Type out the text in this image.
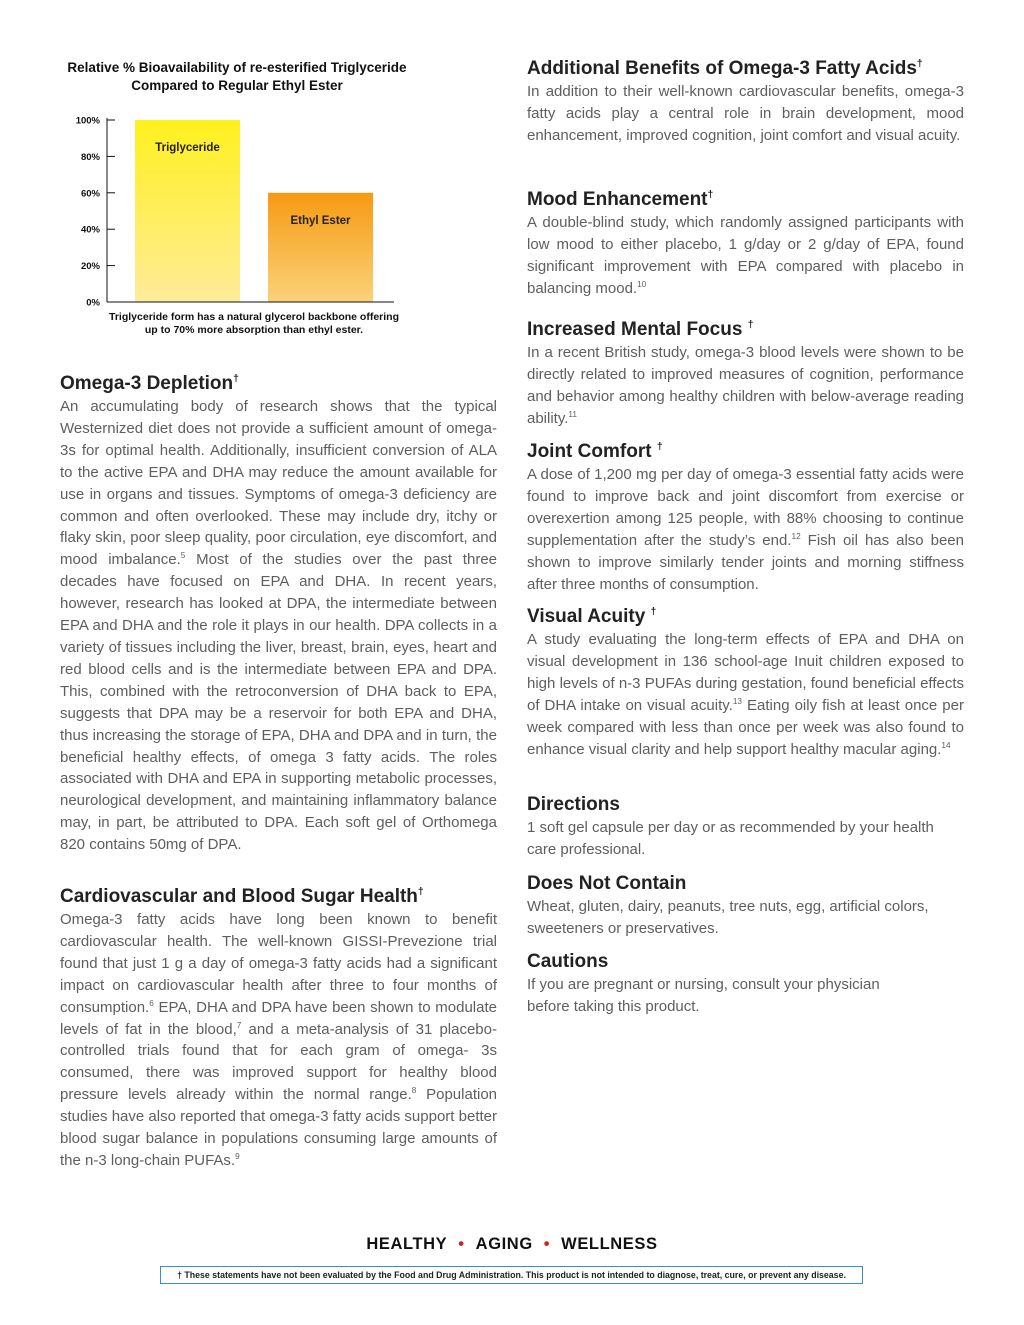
Relative % Bioavailability of re-esterified Triglyceride
Compared to Regular Ethyl Ester
0%
20%
40%
60%
80%
100%
Triglyceride
Ethyl Ester
Triglyceride form has a natural glycerol backbone offering
up to 70% more absorption than ethyl ester.
Omega-3 Depletion†

An accumulating body of research shows that the typical Westernized diet does not provide a sufficient amount of omega-3s for optimal health. Additionally, insufficient conversion of ALA to the active EPA and DHA may reduce the amount available for use in organs and tissues. Symptoms of omega-3 deficiency are common and often overlooked. These may include dry, itchy or flaky skin, poor sleep quality, poor circulation, eye discomfort, and mood imbalance.$^5$ Most of the studies over the past three decades have focused on EPA and DHA. In recent years, however, research has looked at DPA, the intermediate between EPA and DHA and the role it plays in our health. DPA collects in a variety of tissues including the liver, breast, brain, eyes, heart and red blood cells and is the intermediate between EPA and DPA. This, combined with the retroconversion of DHA back to EPA, suggests that DPA may be a reservoir for both EPA and DHA, thus increasing the storage of EPA, DHA and DPA and in turn, the beneficial healthy effects, of omega 3 fatty acids. The roles associated with DHA and EPA in supporting metabolic processes, neurological development, and maintaining inflammatory balance may, in part, be attributed to DPA. Each soft gel of Orthomega 820 contains 50mg of DPA.

Cardiovascular and Blood Sugar Health†

Omega-3 fatty acids have long been known to benefit cardiovascular health. The well-known GISSI-Prevezione trial found that just 1 g a day of omega-3 fatty acids had a significant impact on cardiovascular health after three to four months of consumption.$^6$ EPA, DHA and DPA have been shown to modulate levels of fat in the blood,$^7$ and a meta-analysis of 31 placebo-controlled trials found that for each gram of omega- 3s consumed, there was improved support for healthy blood pressure levels already within the normal range.$^8$ Population studies have also reported that omega-3 fatty acids support better blood sugar balance in populations consuming large amounts of the n-3 long-chain PUFAs.$^9$

Additional Benefits of Omega-3 Fatty Acids†

In addition to their well-known cardiovascular benefits, omega-3 fatty acids play a central role in brain development, mood enhancement, improved cognition, joint comfort and visual acuity.

Mood Enhancement†

A double-blind study, which randomly assigned participants with low mood to either placebo, 1 g/day or 2 g/day of EPA, found significant improvement with EPA compared with placebo in balancing mood.$^{10}$

Increased Mental Focus †

In a recent British study, omega-3 blood levels were shown to be directly related to improved measures of cognition, performance and behavior among healthy children with below-average reading ability.$^{11}$

Joint Comfort †

A dose of 1,200 mg per day of omega-3 essential fatty acids were found to improve back and joint discomfort from exercise or overexertion among 125 people, with 88% choosing to continue supplementation after the study’s end.$^{12}$ Fish oil has also been shown to improve similarly tender joints and morning stiffness after three months of consumption.

Visual Acuity †

A study evaluating the long-term effects of EPA and DHA on visual development in 136 school-age Inuit children exposed to high levels of n-3 PUFAs during gestation, found beneficial effects of DHA intake on visual acuity.$^{13}$ Eating oily fish at least once per week compared with less than once per week was also found to enhance visual clarity and help support healthy macular aging.$^{14}$

Directions

1 soft gel capsule per day or as recommended by your health care professional.

Does Not Contain

Wheat, gluten, dairy, peanuts, tree nuts, egg, artificial colors, sweeteners or preservatives.

Cautions

If you are pregnant or nursing, consult your physician
before taking this product.

HEALTHY • AGING • WELLNESS
† These statements have not been evaluated by the Food and Drug Administration. This product is not intended to diagnose, treat, cure, or prevent any disease.
